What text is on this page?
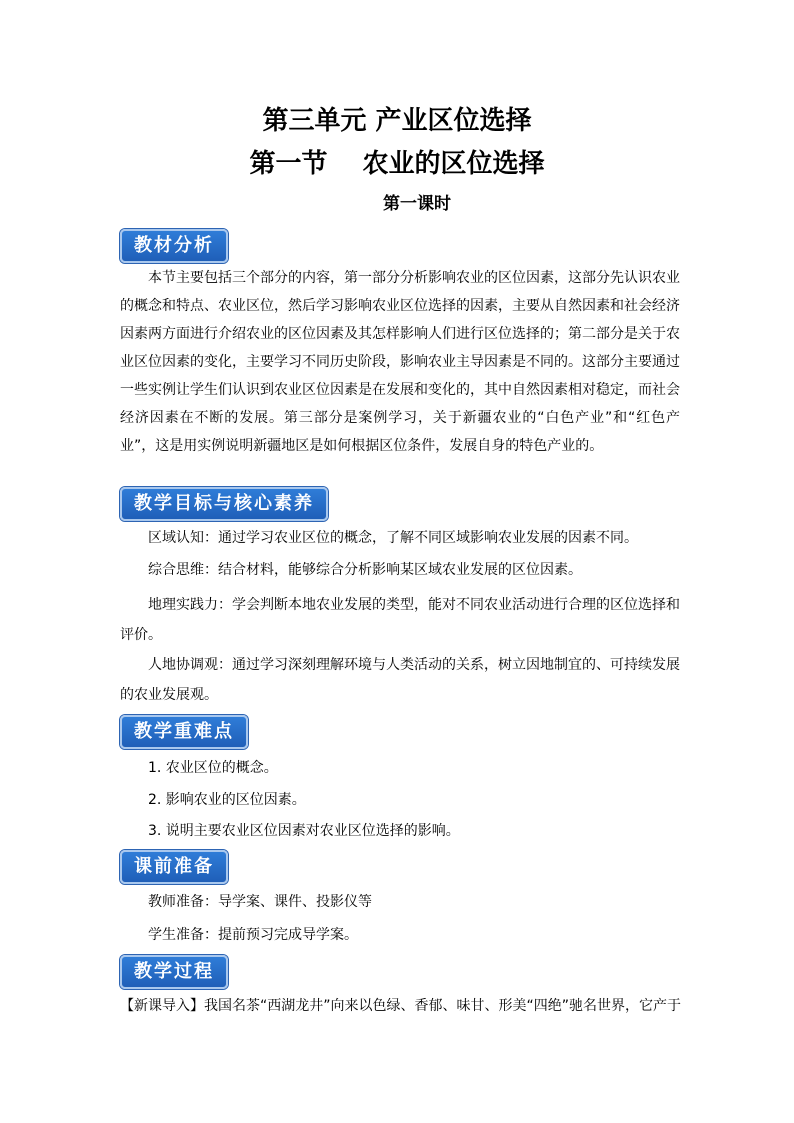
第三单元 产业区位选择
第一节　 农业的区位选择
第一课时
教材分析
本节主要包括三个部分的内容，第一部分分析影响农业的区位因素，这部分先认识农业的概念和特点、农业区位，然后学习影响农业区位选择的因素，主要从自然因素和社会经济因素两方面进行介绍农业的区位因素及其怎样影响人们进行区位选择的；第二部分是关于农业区位因素的变化，主要学习不同历史阶段，影响农业主导因素是不同的。这部分主要通过一些实例让学生们认识到农业区位因素是在发展和变化的，其中自然因素相对稳定，而社会经济因素在不断的发展。第三部分是案例学习，关于新疆农业的“白色产业”和“红色产业”，这是用实例说明新疆地区是如何根据区位条件，发展自身的特色产业的。
教学目标与核心素养
区域认知：通过学习农业区位的概念，了解不同区域影响农业发展的因素不同。
综合思维：结合材料，能够综合分析影响某区域农业发展的区位因素。
地理实践力：学会判断本地农业发展的类型，能对不同农业活动进行合理的区位选择和评价。
人地协调观：通过学习深刻理解环境与人类活动的关系，树立因地制宜的、可持续发展的农业发展观。
教学重难点
1. 农业区位的概念。
2. 影响农业的区位因素。
3. 说明主要农业区位因素对农业区位选择的影响。
课前准备
教师准备：导学案、课件、投影仪等
学生准备：提前预习完成导学案。
教学过程
【新课导入】我国名茶“西湖龙井”向来以色绿、香郁、味甘、形美“四绝”驰名世界，它产于
